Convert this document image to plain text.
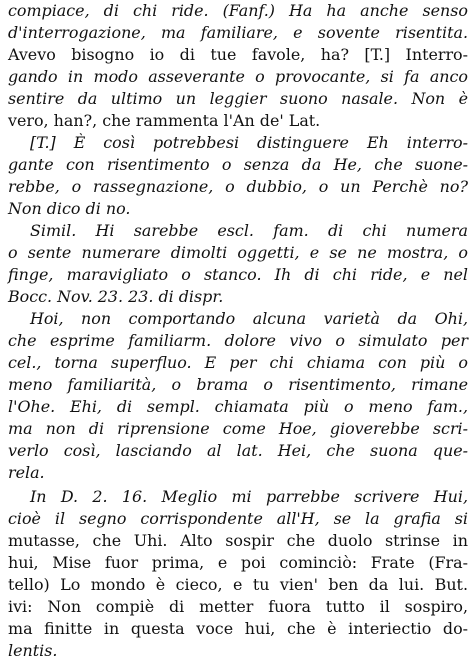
compiace, di chi ride. (Fanf.) Ha ha anche senso
d'interrogazione, ma familiare, e sovente risentita.
Avevo bisogno io di tue favole, ha? [T.] Interro-
gando in modo asseverante o provocante, si fa anco
sentire da ultimo un leggier suono nasale. Non è
vero, han?, che rammenta l'An de' Lat.
[T.] È così potrebbesi distinguere Eh interro-
gante con risentimento o senza da He, che suone-
rebbe, o rassegnazione, o dubbio, o un Perchè no?
Non dico di no.
Simil. Hi sarebbe escl. fam. di chi numera
o sente numerare dimolti oggetti, e se ne mostra, o
finge, maravigliato o stanco. Ih di chi ride, e nel
Bocc. Nov. 23. 23. di dispr.
Hoi, non comportando alcuna varietà da Ohi,
che esprime familiarm. dolore vivo o simulato per
cel., torna superfluo. E per chi chiama con più o
meno familiarità, o brama o risentimento, rimane
l'Ohe. Ehi, di sempl. chiamata più o meno fam.,
ma non di riprensione come Hoe, gioverebbe scri-
verlo così, lasciando al lat. Hei, che suona que-
rela.
In D. 2. 16. Meglio mi parrebbe scrivere Hui,
cioè il segno corrispondente all'H, se la grafia si
mutasse, che Uhi. Alto sospir che duolo strinse in
hui, Mise fuor prima, e poi cominciò: Frate (Fra-
tello) Lo mondo è cieco, e tu vien' ben da lui. But.
ivi: Non compiè di metter fuora tutto il sospiro,
ma finitte in questa voce hui, che è interiectio do-
lentis.
